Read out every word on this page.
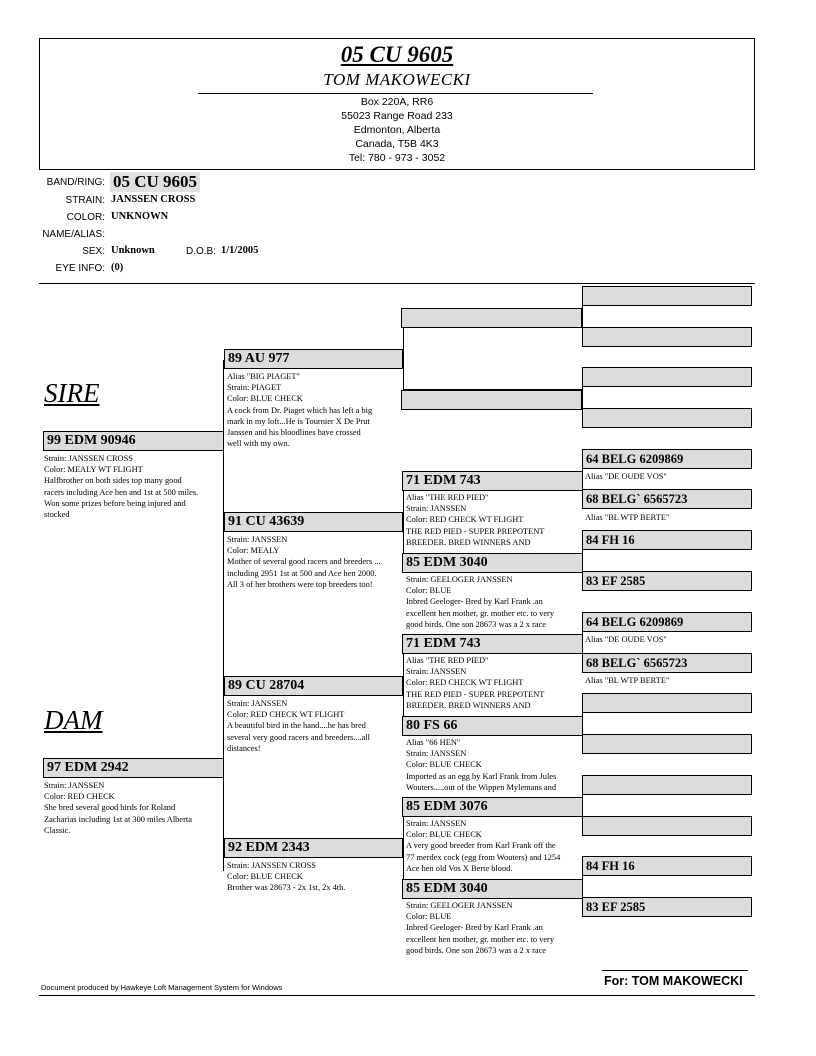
05 CU 9605
TOM MAKOWECKI
Box 220A, RR6
55023 Range Road 233
Edmonton, Alberta
Canada, T5B 4K3
Tel: 780 - 973 - 3052
BAND/RING: 05 CU 9605
STRAIN: JANSSEN CROSS
COLOR: UNKNOWN
NAME/ALIAS:
SEX: Unknown	D.O.B: 1/1/2005
EYE INFO: (0)
SIRE
DAM
99 EDM 90946
Strain: JANSSEN CROSS
Color: MEALY WT FLIGHT
Halfbrother on both sides top many good
racers including Ace hen and 1st at 500 miles.
Won some prizes before being injured and
stocked
97 EDM 2942
Strain: JANSSEN
Color: RED CHECK
She bred several good birds for Roland
Zacharias including 1st at 300 miles Alberta
Classic.
89 AU 977
Alias "BIG PIAGET"
Strain: PIAGET
Color: BLUE CHECK
A cock from Dr. Piaget which has left a big
mark in my loft...He is Tournier X De Prut
Janssen and his bloodlines have crossed
well with my own.
91 CU 43639
Strain: JANSSEN
Color: MEALY
Mother of several good racers and breeders ...
including 2951 1st at 500 and Ace hen 2000.
All 3 of her brothers were top breeders too!
89 CU 28704
Strain: JANSSEN
Color: RED CHECK WT FLIGHT
A beautiful bird in the hand....he has bred
several very good racers and breeders....all
distances!
92 EDM 2343
Strain: JANSSEN CROSS
Color: BLUE CHECK
Brother was 28673 - 2x 1st, 2x 4th.
71 EDM 743
Alias "THE RED PIED"
Strain: JANSSEN
Color: RED CHECK WT FLIGHT
THE RED PIED - SUPER PREPOTENT
BREEDER. BRED WINNERS AND
85 EDM 3040
Strain: GEELOGER JANSSEN
Color: BLUE
Inbred Geeloger- Bred by Karl Frank .an
excellent hen mother, gr. mother etc. to very
good birds. One son 28673 was a 2 x race
71 EDM 743
Alias "THE RED PIED"
Strain: JANSSEN
Color: RED CHECK WT FLIGHT
THE RED PIED - SUPER PREPOTENT
BREEDER. BRED WINNERS AND
80 FS 66
Alias "66 HEN"
Strain: JANSSEN
Color: BLUE CHECK
Imported as an egg by Karl Frank from Jules
Wouters.....out of the Wippen Mylemans and
85 EDM 3076
Strain: JANSSEN
Color: BLUE CHECK
A very good breeder from Karl Frank off the
77 merdex cock (egg from Wouters) and 1254
Ace hen old Vos X Berte blood.
85 EDM 3040
Strain: GEELOGER JANSSEN
Color: BLUE
Inbred Geeloger- Bred by Karl Frank .an
excellent hen mother, gr. mother etc. to very
good birds. One son 28673 was a 2 x race
64 BELG 6209869
Alias "DE OUDE VOS"
68 BELG` 6565723
Alias "BL WTP BERTE"
84 FH 16
83 EF 2585
64 BELG 6209869
Alias "DE OUDE VOS"
68 BELG` 6565723
Alias "BL WTP BERTE"
84 FH 16
83 EF 2585
For: TOM MAKOWECKI
Document produced by Hawkeye Loft Management System for Windows
